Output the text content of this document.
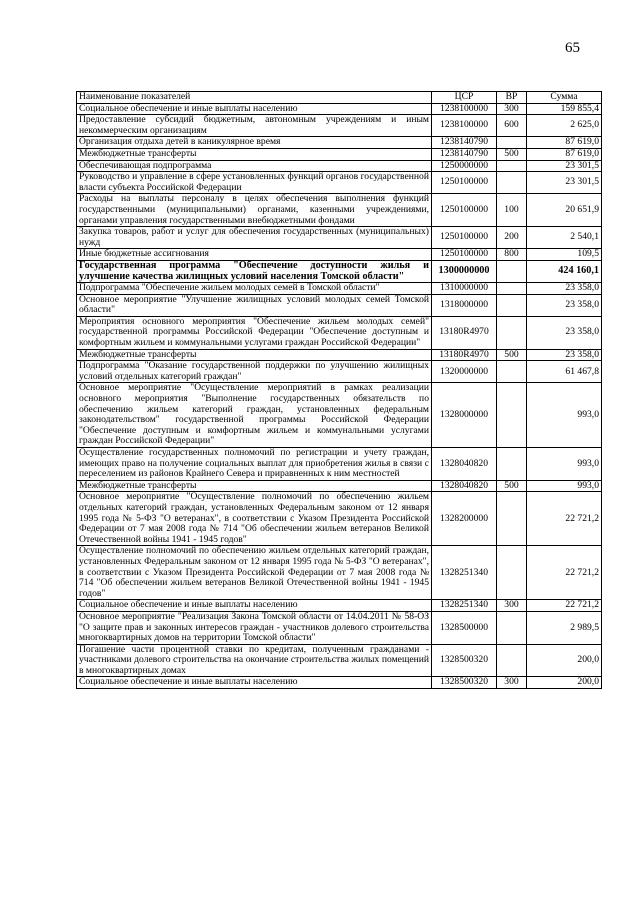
65
Наименование показателей	ЦСР	ВР	Сумма
Социальное обеспечение и иные выплаты населению	1238100000	300	159 855,4
Предоставление субсидий бюджетным, автономным учреждениям и иным некоммерческим организациям	1238100000	600	2 625,0
Организация отдыха детей в каникулярное время	1238140790		87 619,0
Межбюджетные трансферты	1238140790	500	87 619,0
Обеспечивающая подпрограмма	1250000000		23 301,5
Руководство и управление в сфере установленных функций органов государственной власти субъекта Российской Федерации	1250100000		23 301,5
Расходы на выплаты персоналу в целях обеспечения выполнения функций государственными (муниципальными) органами, казенными учреждениями, органами управления государственными внебюджетными фондами	1250100000	100	20 651,9
Закупка товаров, работ и услуг для обеспечения государственных (муниципальных) нужд	1250100000	200	2 540,1
Иные бюджетные ассигнования	1250100000	800	109,5
Государственная программа "Обеспечение доступности жилья и улучшение качества жилищных условий населения Томской области"	1300000000		424 160,1
Подпрограмма "Обеспечение жильем молодых семей в Томской области"	1310000000		23 358,0
Основное мероприятие "Улучшение жилищных условий молодых семей Томской области"	1318000000		23 358,0
Мероприятия основного мероприятия "Обеспечение жильем молодых семей" государственной программы Российской Федерации "Обеспечение доступным и комфортным жильем и коммунальными услугами граждан Российской Федерации"	13180R4970		23 358,0
Межбюджетные трансферты	13180R4970	500	23 358,0
Подпрограмма "Оказание государственной поддержки по улучшению жилищных условий отдельных категорий граждан"	1320000000		61 467,8
Основное мероприятие "Осуществление мероприятий в рамках реализации основного мероприятия "Выполнение государственных обязательств по обеспечению жильем категорий граждан, установленных федеральным законодательством" государственной программы Российской Федерации "Обеспечение доступным и комфортным жильем и коммунальными услугами граждан Российской Федерации"	1328000000		993,0
Осуществление государственных полномочий по регистрации и учету граждан, имеющих право на получение социальных выплат для приобретения жилья в связи с переселением из районов Крайнего Севера и приравненных к ним местностей	1328040820		993,0
Межбюджетные трансферты	1328040820	500	993,0
Основное мероприятие "Осуществление полномочий по обеспечению жильем отдельных категорий граждан, установленных Федеральным законом от 12 января 1995 года № 5-ФЗ "О ветеранах", в соответствии с Указом Президента Российской Федерации от 7 мая 2008 года № 714 "Об обеспечении жильем ветеранов Великой Отечественной войны 1941 - 1945 годов"	1328200000		22 721,2
Осуществление полномочий по обеспечению жильем отдельных категорий граждан, установленных Федеральным законом от 12 января 1995 года № 5-ФЗ "О ветеранах", в соответствии с Указом Президента Российской Федерации от 7 мая 2008 года № 714 "Об обеспечении жильем ветеранов Великой Отечественной войны 1941 - 1945 годов"	1328251340		22 721,2
Социальное обеспечение и иные выплаты населению	1328251340	300	22 721,2
Основное мероприятие "Реализация Закона Томской области от 14.04.2011 № 58-ОЗ "О защите прав и законных интересов граждан - участников долевого строительства многоквартирных домов на территории Томской области"	1328500000		2 989,5
Погашение части процентной ставки по кредитам, полученным гражданами - участниками долевого строительства на окончание строительства жилых помещений в многоквартирных домах	1328500320		200,0
Социальное обеспечение и иные выплаты населению	1328500320	300	200,0
